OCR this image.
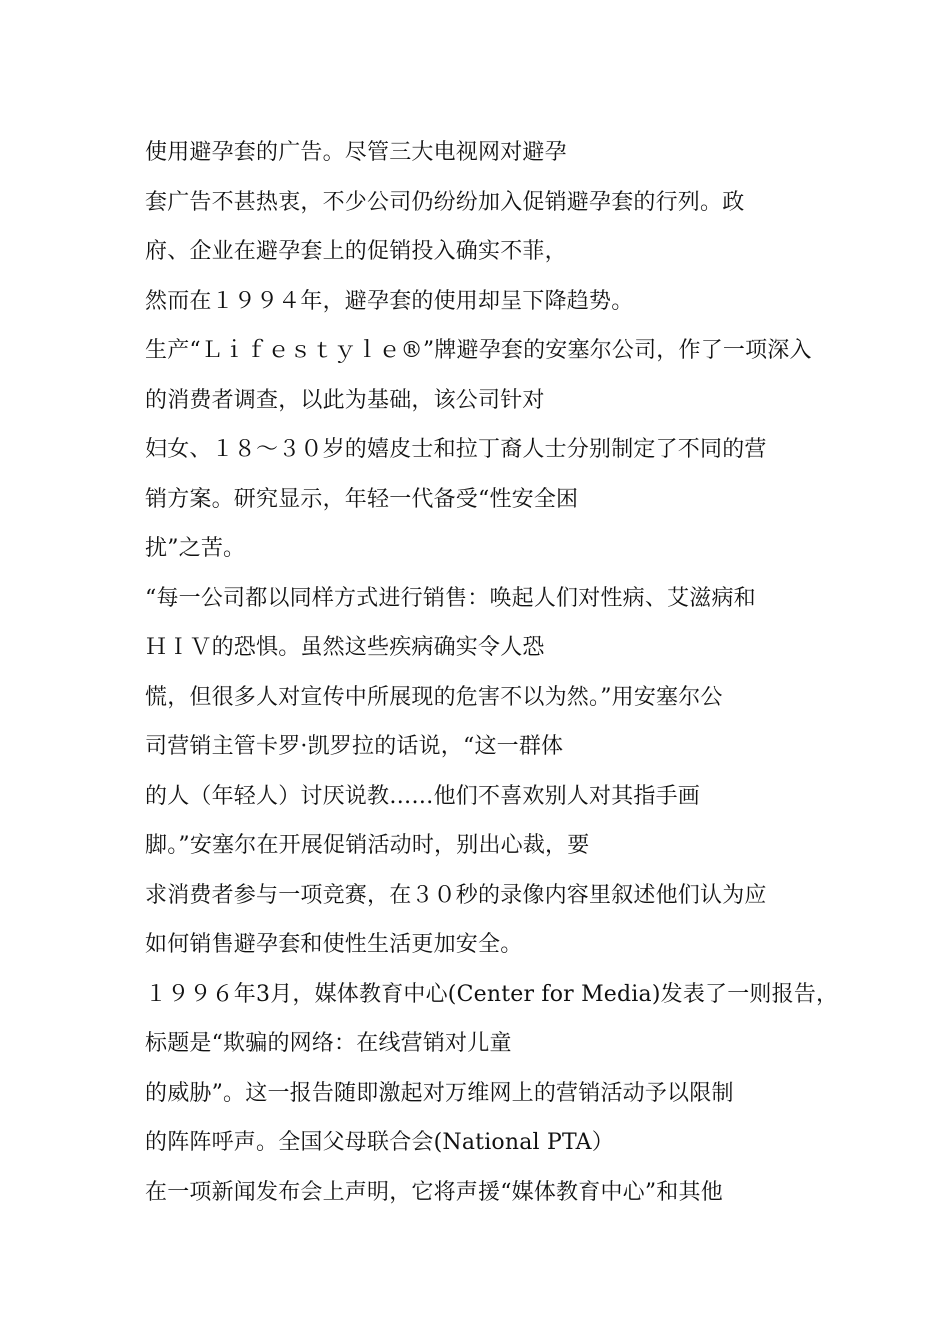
使用避孕套的广告。尽管三大电视网对避孕
套广告不甚热衷，不少公司仍纷纷加入促销避孕套的行列。政
府、企业在避孕套上的促销投入确实不菲，
然而在１９９４年，避孕套的使用却呈下降趋势。
生产“Ｌｉｆｅｓｔｙｌｅ®”牌避孕套的安塞尔公司，作了一项深入
的消费者调查，以此为基础，该公司针对
妇女、１８～３０岁的嬉皮士和拉丁裔人士分别制定了不同的营
销方案。研究显示，年轻一代备受“性安全困
扰”之苦。
“每一公司都以同样方式进行销售：唤起人们对性病、艾滋病和
ＨＩＶ的恐惧。虽然这些疾病确实令人恐
慌，但很多人对宣传中所展现的危害不以为然。”用安塞尔公
司营销主管卡罗·凯罗拉的话说，“这一群体
的人（年轻人）讨厌说教……他们不喜欢别人对其指手画
脚。”安塞尔在开展促销活动时，别出心裁，要
求消费者参与一项竞赛，在３０秒的录像内容里叙述他们认为应
如何销售避孕套和使性生活更加安全。
１９９６年3月，媒体教育中心(Center for Media)发表了一则报告，
标题是“欺骗的网络：在线营销对儿童
的威胁”。这一报告随即激起对万维网上的营销活动予以限制
的阵阵呼声。全国父母联合会(National PTA）
在一项新闻发布会上声明，它将声援“媒体教育中心”和其他
